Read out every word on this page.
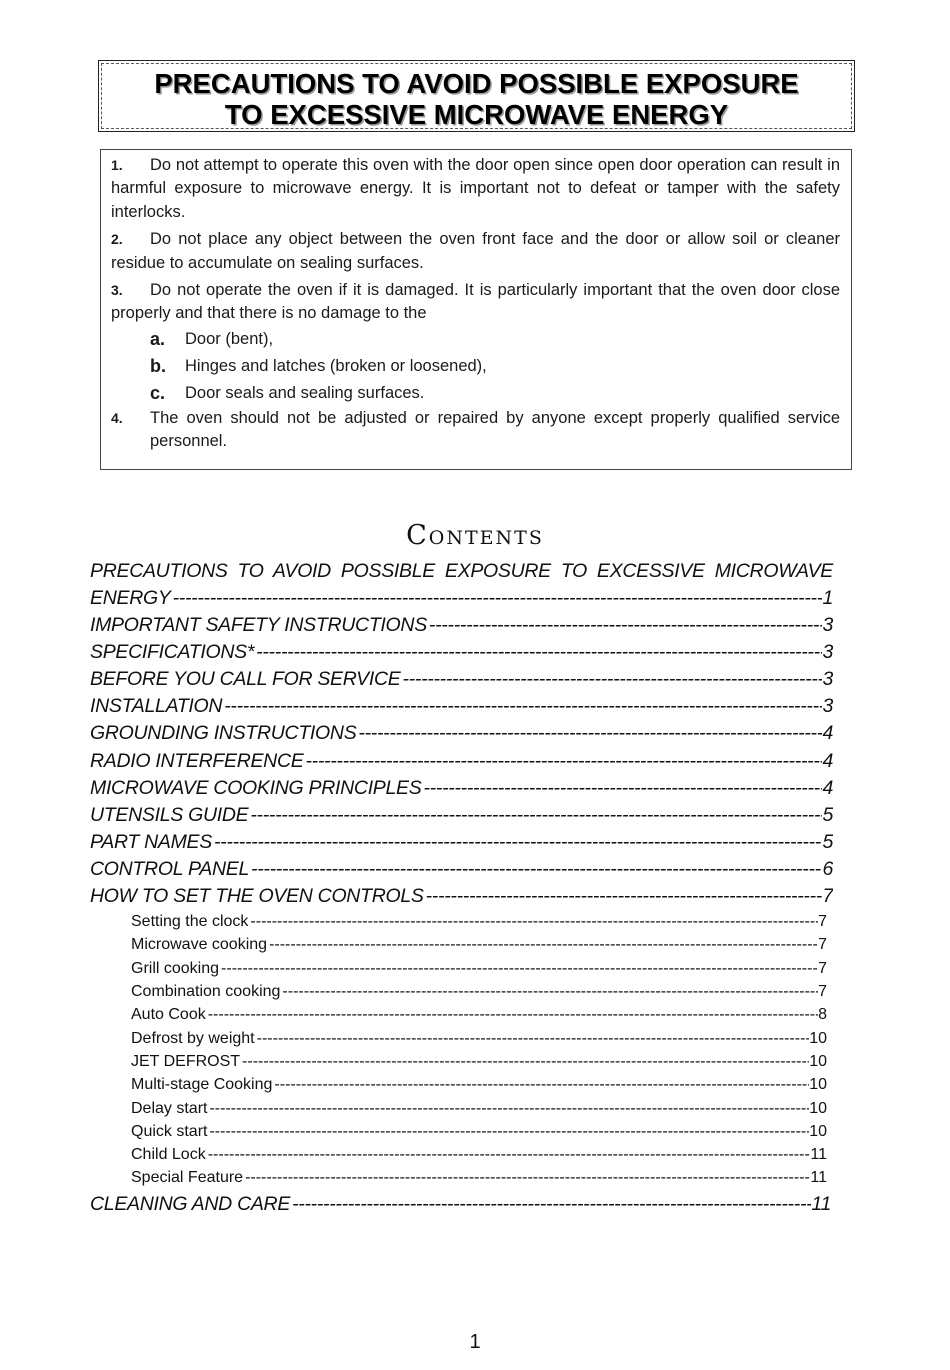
PRECAUTIONS TO AVOID POSSIBLE EXPOSURE
TO EXCESSIVE MICROWAVE ENERGY

1. Do not attempt to operate this oven with the door open since open door operation can result in harmful exposure to microwave energy. It is important not to defeat or tamper with the safety interlocks.

2. Do not place any object between the oven front face and the door or allow soil or cleaner residue to accumulate on sealing surfaces.

3. Do not operate the oven if it is damaged. It is particularly important that the oven door close properly and that there is no damage to the

a.	Door (bent),
b.	Hinges and latches (broken or loosened),
c.	Door seals and sealing surfaces.
4.	The oven should not be adjusted or repaired by anyone except properly qualified service personnel.
Contents
PRECAUTIONS TO AVOID POSSIBLE EXPOSURE TO EXCESSIVE MICROWAVE
ENERGY -----	1
IMPORTANT SAFETY INSTRUCTIONS -----	3
SPECIFICATIONS* -----	3
BEFORE YOU CALL FOR SERVICE -----	3
INSTALLATION -----	3
GROUNDING INSTRUCTIONS -----	4
RADIO INTERFERENCE -----	4
MICROWAVE COOKING PRINCIPLES -----	4
UTENSILS GUIDE -----	5
PART NAMES -----	5
CONTROL PANEL -----	6
HOW TO SET THE OVEN CONTROLS -----	7
Setting the clock -----	7
Microwave cooking -----	7
Grill cooking -----	7
Combination cooking -----	7
Auto Cook -----	8
Defrost by weight -----	10
JET DEFROST -----	10
Multi-stage Cooking -----	10
Delay start -----	10
Quick start -----	10
Child Lock -----	11
Special Feature -----	11
CLEANING AND CARE -----	11
1
